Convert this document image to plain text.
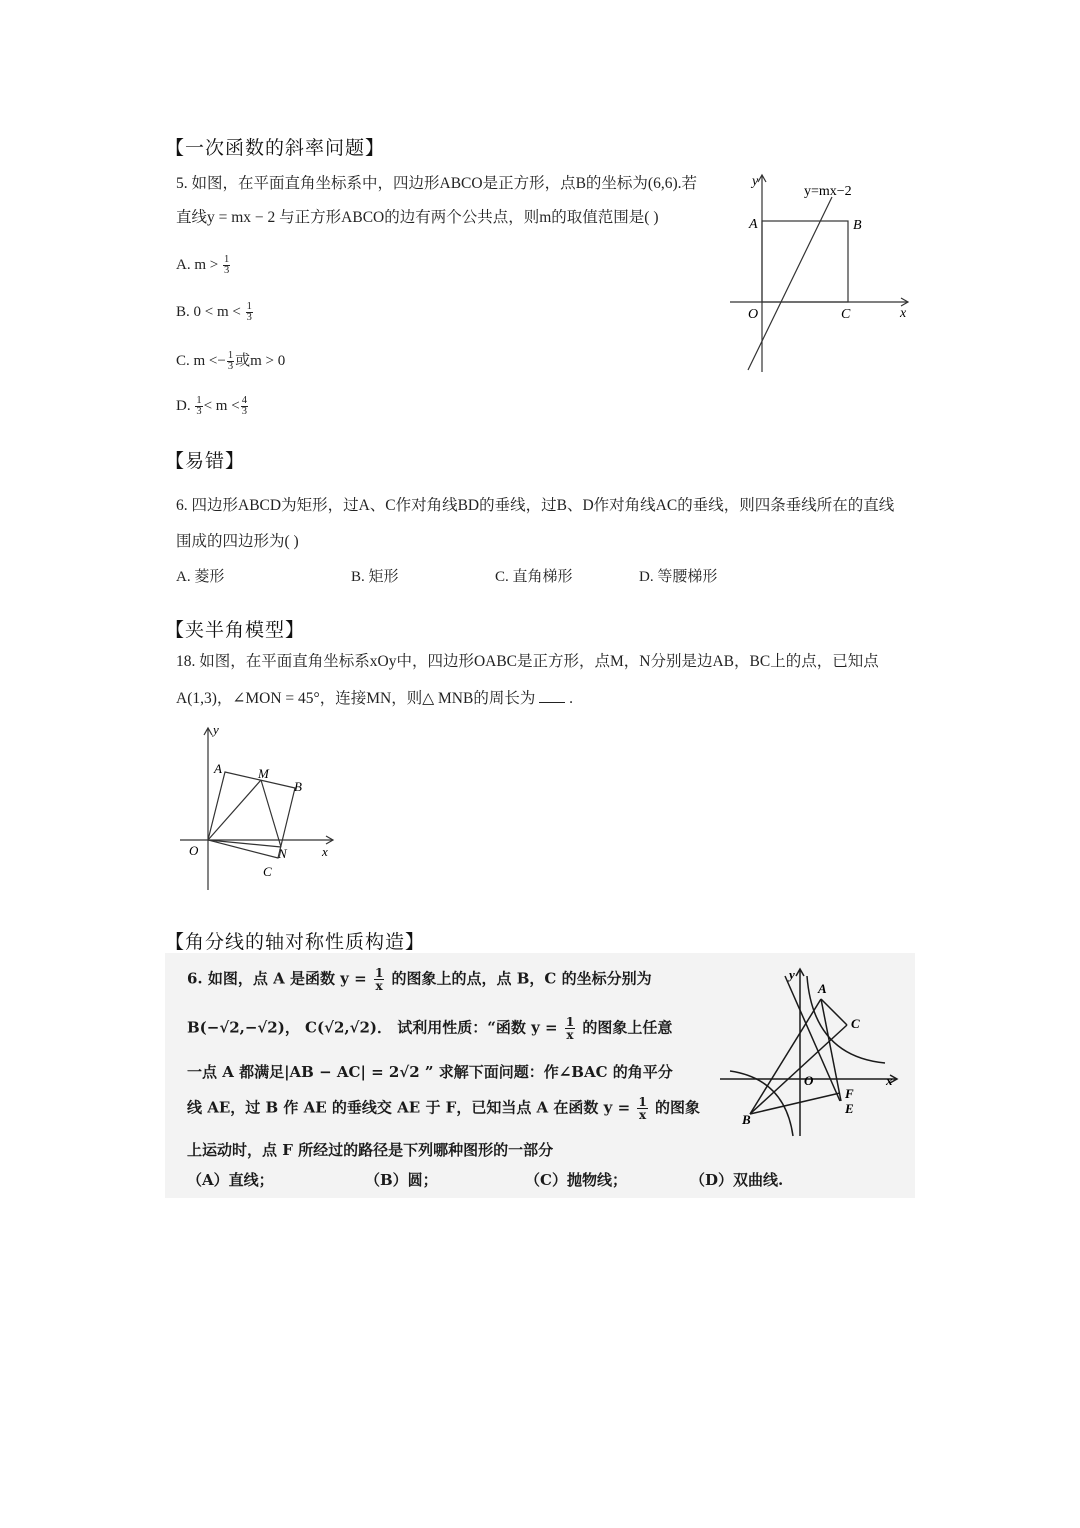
【一次函数的斜率问题】
5. 如图，在平面直角坐标系中，四边形ABCO是正方形，点B的坐标为(6,6).若
直线y = mx − 2 与正方形ABCO的边有两个公共点，则m的取值范围是( )
A. $m > \frac{1}{3}$
B. $0 < m < \frac{1}{3}$
C. $m <- \frac{1}{3}$ 或m > 0
D. $\frac{1}{3} < m < \frac{4}{3}$
y
y=mx−2
A	B
O	C	x
【易错】
6. 四边形ABCD为矩形，过A、C作对角线BD的垂线，过B、D作对角线AC的垂线，则四条垂线所在的直线
围成的四边形为( )
A. 菱形	B. 矩形	C. 直角梯形	D. 等腰梯形
【夹半角模型】
18. 如图，在平面直角坐标系xOy中，四边形OABC是正方形，点M，N分别是边AB，BC上的点，已知点
A(1,3)，∠MON = 45°，连接MN，则△ MNB的周长为 .
y
A	M
B
O	N
C
x
【角分线的轴对称性质构造】
6. 如图，点 A 是函数 $y = \frac{1}{x}$ 的图象上的点，点 B，C 的坐标分别为
B(−√2,−√2)， C(√2,√2)． 试利用性质：“函数 $y = \frac{1}{x}$ 的图象上任意
一点 A 都满足|AB − AC| = 2√2 ” 求解下面问题：作∠BAC 的角平分
线 AE，过 B 作 AE 的垂线交 AE 于 F，已知当点 A 在函数 $y = \frac{1}{x}$ 的图象
上运动时，点 F 所经过的路径是下列哪种图形的一部分
（A）直线；	（B）圆；	（C）抛物线；	（D）双曲线.
y
A
C
O
F
E
B
x
